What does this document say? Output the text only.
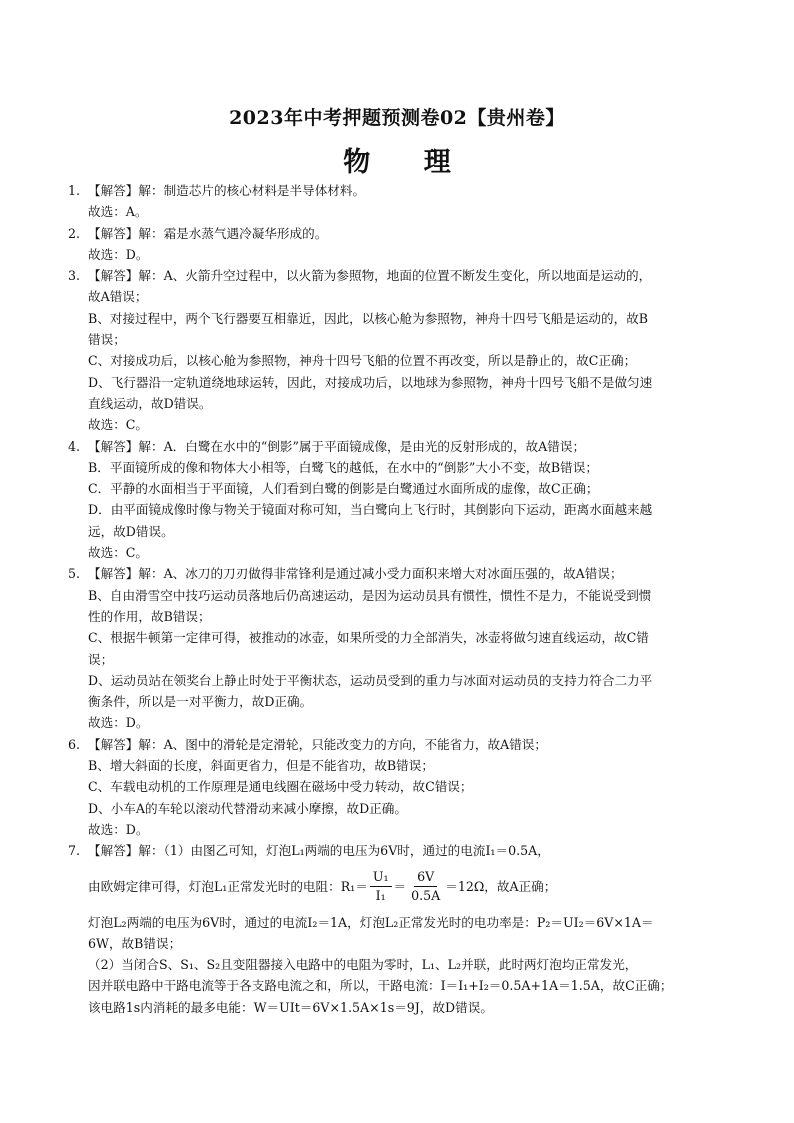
2023年中考押题预测卷02【贵州卷】
物 理
1. 【解答】解：制造芯片的核心材料是半导体材料。
故选：A。
2. 【解答】解：霜是水蒸气遇冷凝华形成的。
故选：D。
3. 【解答】解：A、火箭升空过程中，以火箭为参照物，地面的位置不断发生变化，所以地面是运动的，
故A错误；
B、对接过程中，两个飞行器要互相靠近，因此，以核心舱为参照物，神舟十四号飞船是运动的，故B
错误；
C、对接成功后，以核心舱为参照物，神舟十四号飞船的位置不再改变，所以是静止的，故C正确；
D、飞行器沿一定轨道绕地球运转，因此，对接成功后，以地球为参照物，神舟十四号飞船不是做匀速
直线运动，故D错误。
故选：C。
4. 【解答】解：A．白鹭在水中的“倒影”属于平面镜成像，是由光的反射形成的，故A错误；
B．平面镜所成的像和物体大小相等，白鹭飞的越低，在水中的“倒影”大小不变，故B错误；
C．平静的水面相当于平面镜，人们看到白鹭的倒影是白鹭通过水面所成的虚像，故C正确；
D．由平面镜成像时像与物关于镜面对称可知，当白鹭向上飞行时，其倒影向下运动，距离水面越来越
远，故D错误。
故选：C。
5. 【解答】解：A、冰刀的刀刃做得非常锋利是通过减小受力面积来增大对冰面压强的，故A错误；
B、自由滑雪空中技巧运动员落地后仍高速运动，是因为运动员具有惯性，惯性不是力，不能说受到惯
性的作用，故B错误；
C、根据牛顿第一定律可得，被推动的冰壶，如果所受的力全部消失，冰壶将做匀速直线运动，故C错
误；
D、运动员站在领奖台上静止时处于平衡状态，运动员受到的重力与冰面对运动员的支持力符合二力平
衡条件，所以是一对平衡力，故D正确。
故选：D。
6. 【解答】解：A、图中的滑轮是定滑轮，只能改变力的方向，不能省力，故A错误；
B、增大斜面的长度，斜面更省力，但是不能省功，故B错误；
C、车载电动机的工作原理是通电线圈在磁场中受力转动，故C错误；
D、小车A的车轮以滚动代替滑动来减小摩擦，故D正确。
故选：D。
7. 【解答】解：（1）由图乙可知，灯泡L₁两端的电压为6V时，通过的电流I₁＝0.5A，
由欧姆定律可得，灯泡L₁正常发光时的电阻：$R_1= \frac{\text{U₁}}{\text{I₁}} = \frac{6V}{0.5A} =12\Omega$，故A正确；
灯泡L₂两端的电压为6V时，通过的电流I₂＝1A，灯泡L₂正常发光时的电功率是：P₂＝UI₂＝6V×1A＝
6W，故B错误；
（2）当闭合S、S₁、S₂且变阻器接入电路中的电阻为零时，L₁、L₂并联，此时两灯泡均正常发光，
因并联电路中干路电流等于各支路电流之和，所以，干路电流：I＝I₁+I₂＝0.5A+1A＝1.5A，故C正确；
该电路1s内消耗的最多电能：W＝UIt＝6V×1.5A×1s＝9J，故D错误。
